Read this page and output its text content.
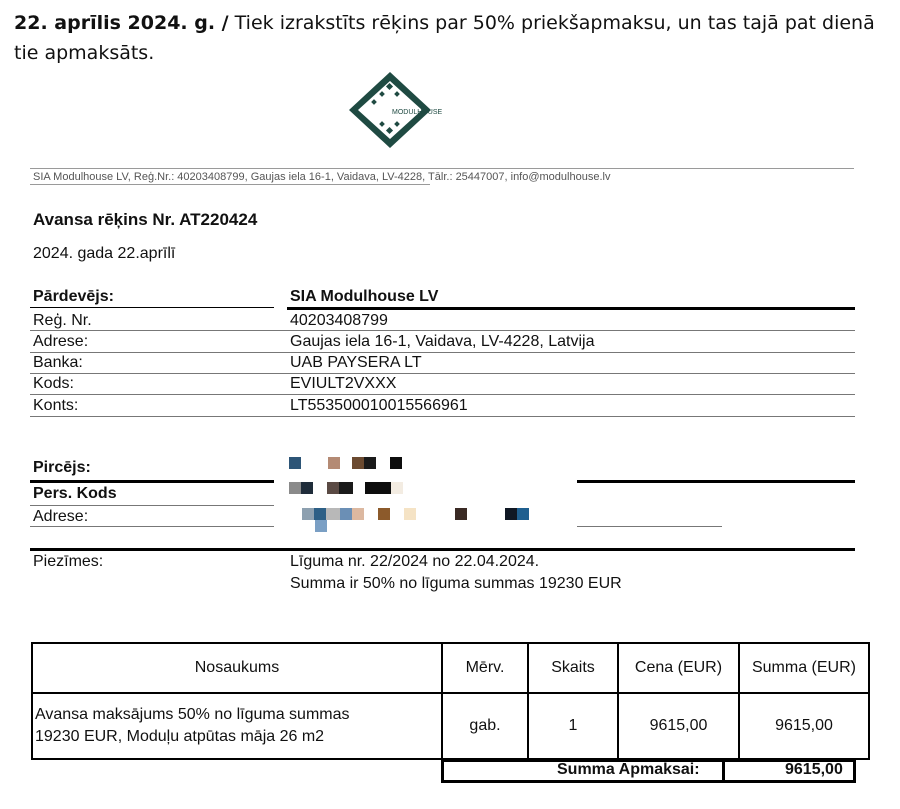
22. aprīlis 2024. g. / Tiek izrakstīts rēķins par 50% priekšapmaksu, un tas tajā pat dienā tie apmaksāts.
MODULHOUSE
SIA Modulhouse LV, Reģ.Nr.: 40203408799, Gaujas iela 16-1, Vaidava, LV-4228, Tālr.: 25447007, info@modulhouse.lv
Avansa rēķins Nr. AT220424
2024. gada 22.aprīlī
Pārdevējs:	SIA Modulhouse LV
Reģ. Nr.	40203408799
Adrese:	Gaujas iela 16-1, Vaidava, LV-4228, Latvija
Banka:	UAB PAYSERA LT
Kods:	EVIULT2VXXX
Konts:	LT553500010015566961
Pircējs:
Pers. Kods
Adrese:
Piezīmes:	Līguma nr. 22/2024 no 22.04.2024.
Summa ir 50% no līguma summas 19230 EUR
Nosaukums	Mērv.	Skaits	Cena (EUR)	Summa (EUR)

Avansa maksājums 50% no līguma summas
19230 EUR, Moduļu atpūtas māja 26 m2	gab.	1	9615,00	9615,00
Summa Apmaksai:	9615,00
